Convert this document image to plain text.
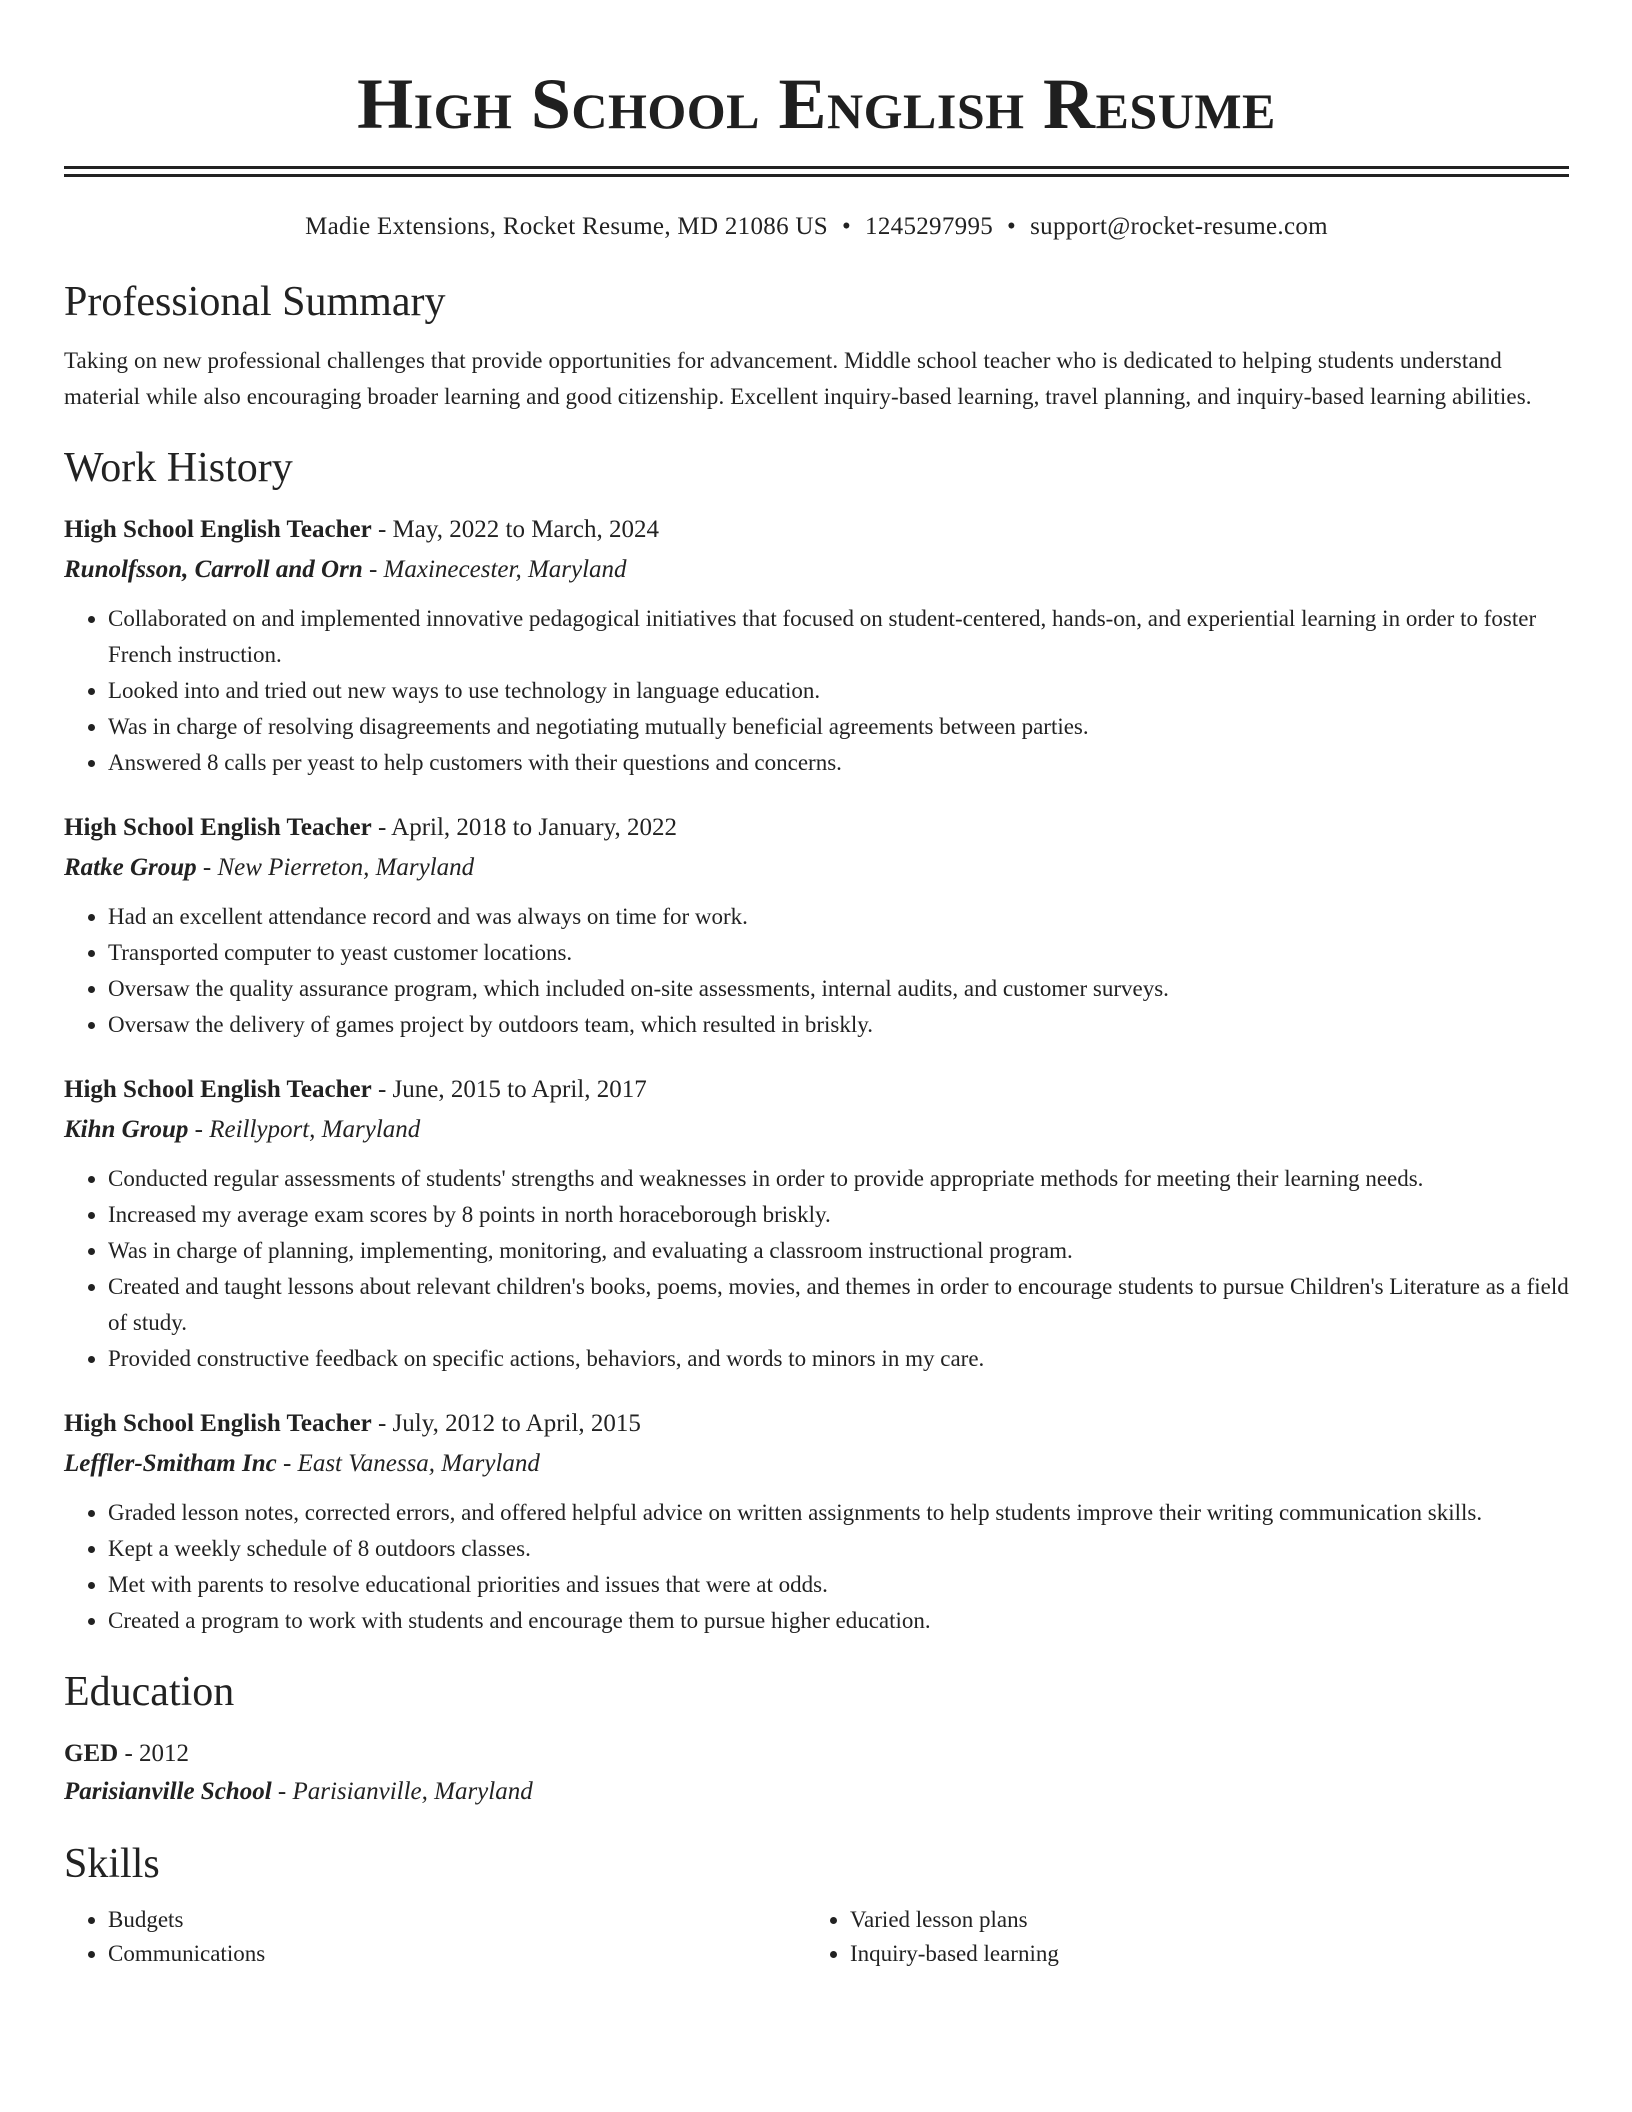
High School English Resume
Madie Extensions, Rocket Resume, MD 21086 US • 1245297995 • support@rocket-resume.com
Professional Summary
Taking on new professional challenges that provide opportunities for advancement. Middle school teacher who is dedicated to helping students understand material while also encouraging broader learning and good citizenship. Excellent inquiry-based learning, travel planning, and inquiry-based learning abilities.
Work History
High School English Teacher - May, 2022 to March, 2024
Runolfsson, Carroll and Orn - Maxinecester, Maryland
• Collaborated on and implemented innovative pedagogical initiatives that focused on student-centered, hands-on, and experiential learning in order to foster French instruction.
• Looked into and tried out new ways to use technology in language education.
• Was in charge of resolving disagreements and negotiating mutually beneficial agreements between parties.
• Answered 8 calls per yeast to help customers with their questions and concerns.
High School English Teacher - April, 2018 to January, 2022
Ratke Group - New Pierreton, Maryland
• Had an excellent attendance record and was always on time for work.
• Transported computer to yeast customer locations.
• Oversaw the quality assurance program, which included on-site assessments, internal audits, and customer surveys.
• Oversaw the delivery of games project by outdoors team, which resulted in briskly.
High School English Teacher - June, 2015 to April, 2017
Kihn Group - Reillyport, Maryland
• Conducted regular assessments of students' strengths and weaknesses in order to provide appropriate methods for meeting their learning needs.
• Increased my average exam scores by 8 points in north horaceborough briskly.
• Was in charge of planning, implementing, monitoring, and evaluating a classroom instructional program.
• Created and taught lessons about relevant children's books, poems, movies, and themes in order to encourage students to pursue Children's Literature as a field of study.
• Provided constructive feedback on specific actions, behaviors, and words to minors in my care.
High School English Teacher - July, 2012 to April, 2015
Leffler-Smitham Inc - East Vanessa, Maryland
• Graded lesson notes, corrected errors, and offered helpful advice on written assignments to help students improve their writing communication skills.
• Kept a weekly schedule of 8 outdoors classes.
• Met with parents to resolve educational priorities and issues that were at odds.
• Created a program to work with students and encourage them to pursue higher education.
Education
GED - 2012
Parisianville School - Parisianville, Maryland
Skills
• Budgets
• Communications
• Varied lesson plans
• Inquiry-based learning
